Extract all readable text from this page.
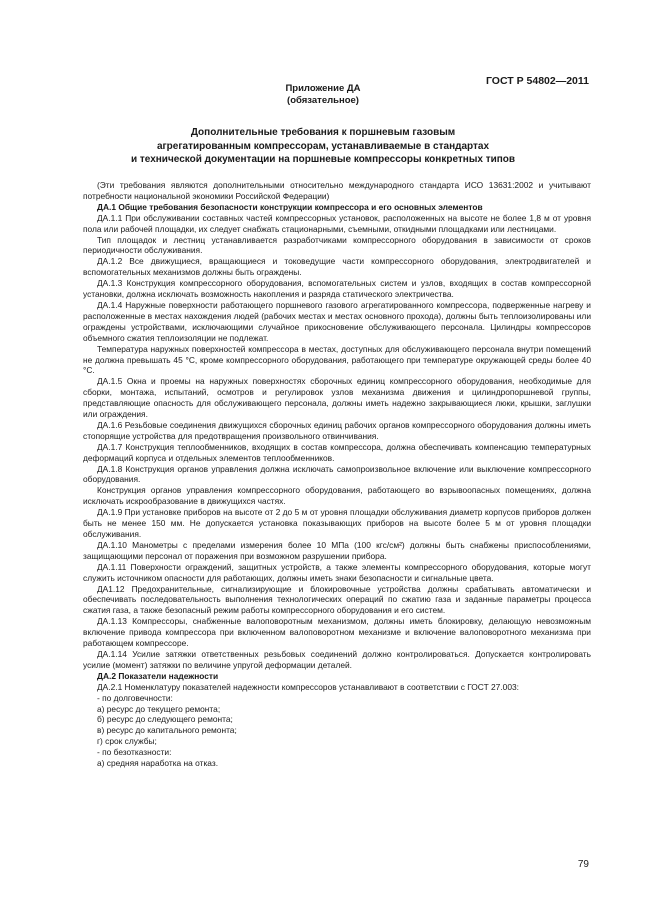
ГОСТ Р 54802—2011
Приложение ДА
(обязательное)
Дополнительные требования к поршневым газовым
агрегатированным компрессорам, устанавливаемые в стандартах
и технической документации на поршневые компрессоры конкретных типов

(Эти требования являются дополнительными относительно международного стандарта ИСО 13631:2002 и учитывают потребности национальной экономики Российской Федерации)

ДА.1 Общие требования безопасности конструкции компрессора и его основных элементов

ДА.1.1 При обслуживании составных частей компрессорных установок, расположенных на высоте не более 1,8 м от уровня пола или рабочей площадки, их следует снабжать стационарными, съемными, откидными площадками или лестницами.

Тип площадок и лестниц устанавливается разработчиками компрессорного оборудования в зависимости от сроков периодичности обслуживания.

ДА.1.2 Все движущиеся, вращающиеся и токоведущие части компрессорного оборудования, электродвигателей и вспомогательных механизмов должны быть ограждены.

ДА.1.3 Конструкция компрессорного оборудования, вспомогательных систем и узлов, входящих в состав компрессорной установки, должна исключать возможность накопления и разряда статического электричества.

ДА.1.4 Наружные поверхности работающего поршневого газового агрегатированного компрессора, подверженные нагреву и расположенные в местах нахождения людей (рабочих местах и местах основного прохода), должны быть теплоизолированы или ограждены устройствами, исключающими случайное прикосновение обслуживающего персонала. Цилиндры компрессоров объемного сжатия теплоизоляции не подлежат.

Температура наружных поверхностей компрессора в местах, доступных для обслуживающего персонала внутри помещений не должна превышать 45 °С, кроме компрессорного оборудования, работающего при температуре окружающей среды более 40 °С.

ДА.1.5 Окна и проемы на наружных поверхностях сборочных единиц компрессорного оборудования, необходимые для сборки, монтажа, испытаний, осмотров и регулировок узлов механизма движения и цилиндропоршневой группы, представляющие опасность для обслуживающего персонала, должны иметь надежно закрывающиеся люки, крышки, заглушки или ограждения.

ДА.1.6 Резьбовые соединения движущихся сборочных единиц рабочих органов компрессорного оборудования должны иметь стопорящие устройства для предотвращения произвольного отвинчивания.

ДА.1.7 Конструкция теплообменников, входящих в состав компрессора, должна обеспечивать компенсацию температурных деформаций корпуса и отдельных элементов теплообменников.

ДА.1.8 Конструкция органов управления должна исключать самопроизвольное включение или выключение компрессорного оборудования.

Конструкция органов управления компрессорного оборудования, работающего во взрывоопасных помещениях, должна исключать искрообразование в движущихся частях.

ДА.1.9 При установке приборов на высоте от 2 до 5 м от уровня площадки обслуживания диаметр корпусов приборов должен быть не менее 150 мм. Не допускается установка показывающих приборов на высоте более 5 м от уровня площадки обслуживания.

ДА.1.10 Манометры с пределами измерения более 10 МПа (100 кгс/см²) должны быть снабжены приспособлениями, защищающими персонал от поражения при возможном разрушении прибора.

ДА.1.11 Поверхности ограждений, защитных устройств, а также элементы компрессорного оборудования, которые могут служить источником опасности для работающих, должны иметь знаки безопасности и сигнальные цвета.

ДА1.12 Предохранительные, сигнализирующие и блокировочные устройства должны срабатывать автоматически и обеспечивать последовательность выполнения технологических операций по сжатию газа и заданные параметры процесса сжатия газа, а также безопасный режим работы компрессорного оборудования и его систем.

ДА.1.13 Компрессоры, снабженные валоповоротным механизмом, должны иметь блокировку, делающую невозможным включение привода компрессора при включенном валоповоротном механизме и включение валоповоротного механизма при работающем компрессоре.

ДА.1.14 Усилие затяжки ответственных резьбовых соединений должно контролироваться. Допускается контролировать усилие (момент) затяжки по величине упругой деформации деталей.

ДА.2 Показатели надежности

ДА.2.1 Номенклатуру показателей надежности компрессоров устанавливают в соответствии с ГОСТ 27.003:

- по долговечности:

а) ресурс до текущего ремонта;

б) ресурс до следующего ремонта;

в) ресурс до капитального ремонта;

г) срок службы;

- по безотказности:

а) средняя наработка на отказ.

79
